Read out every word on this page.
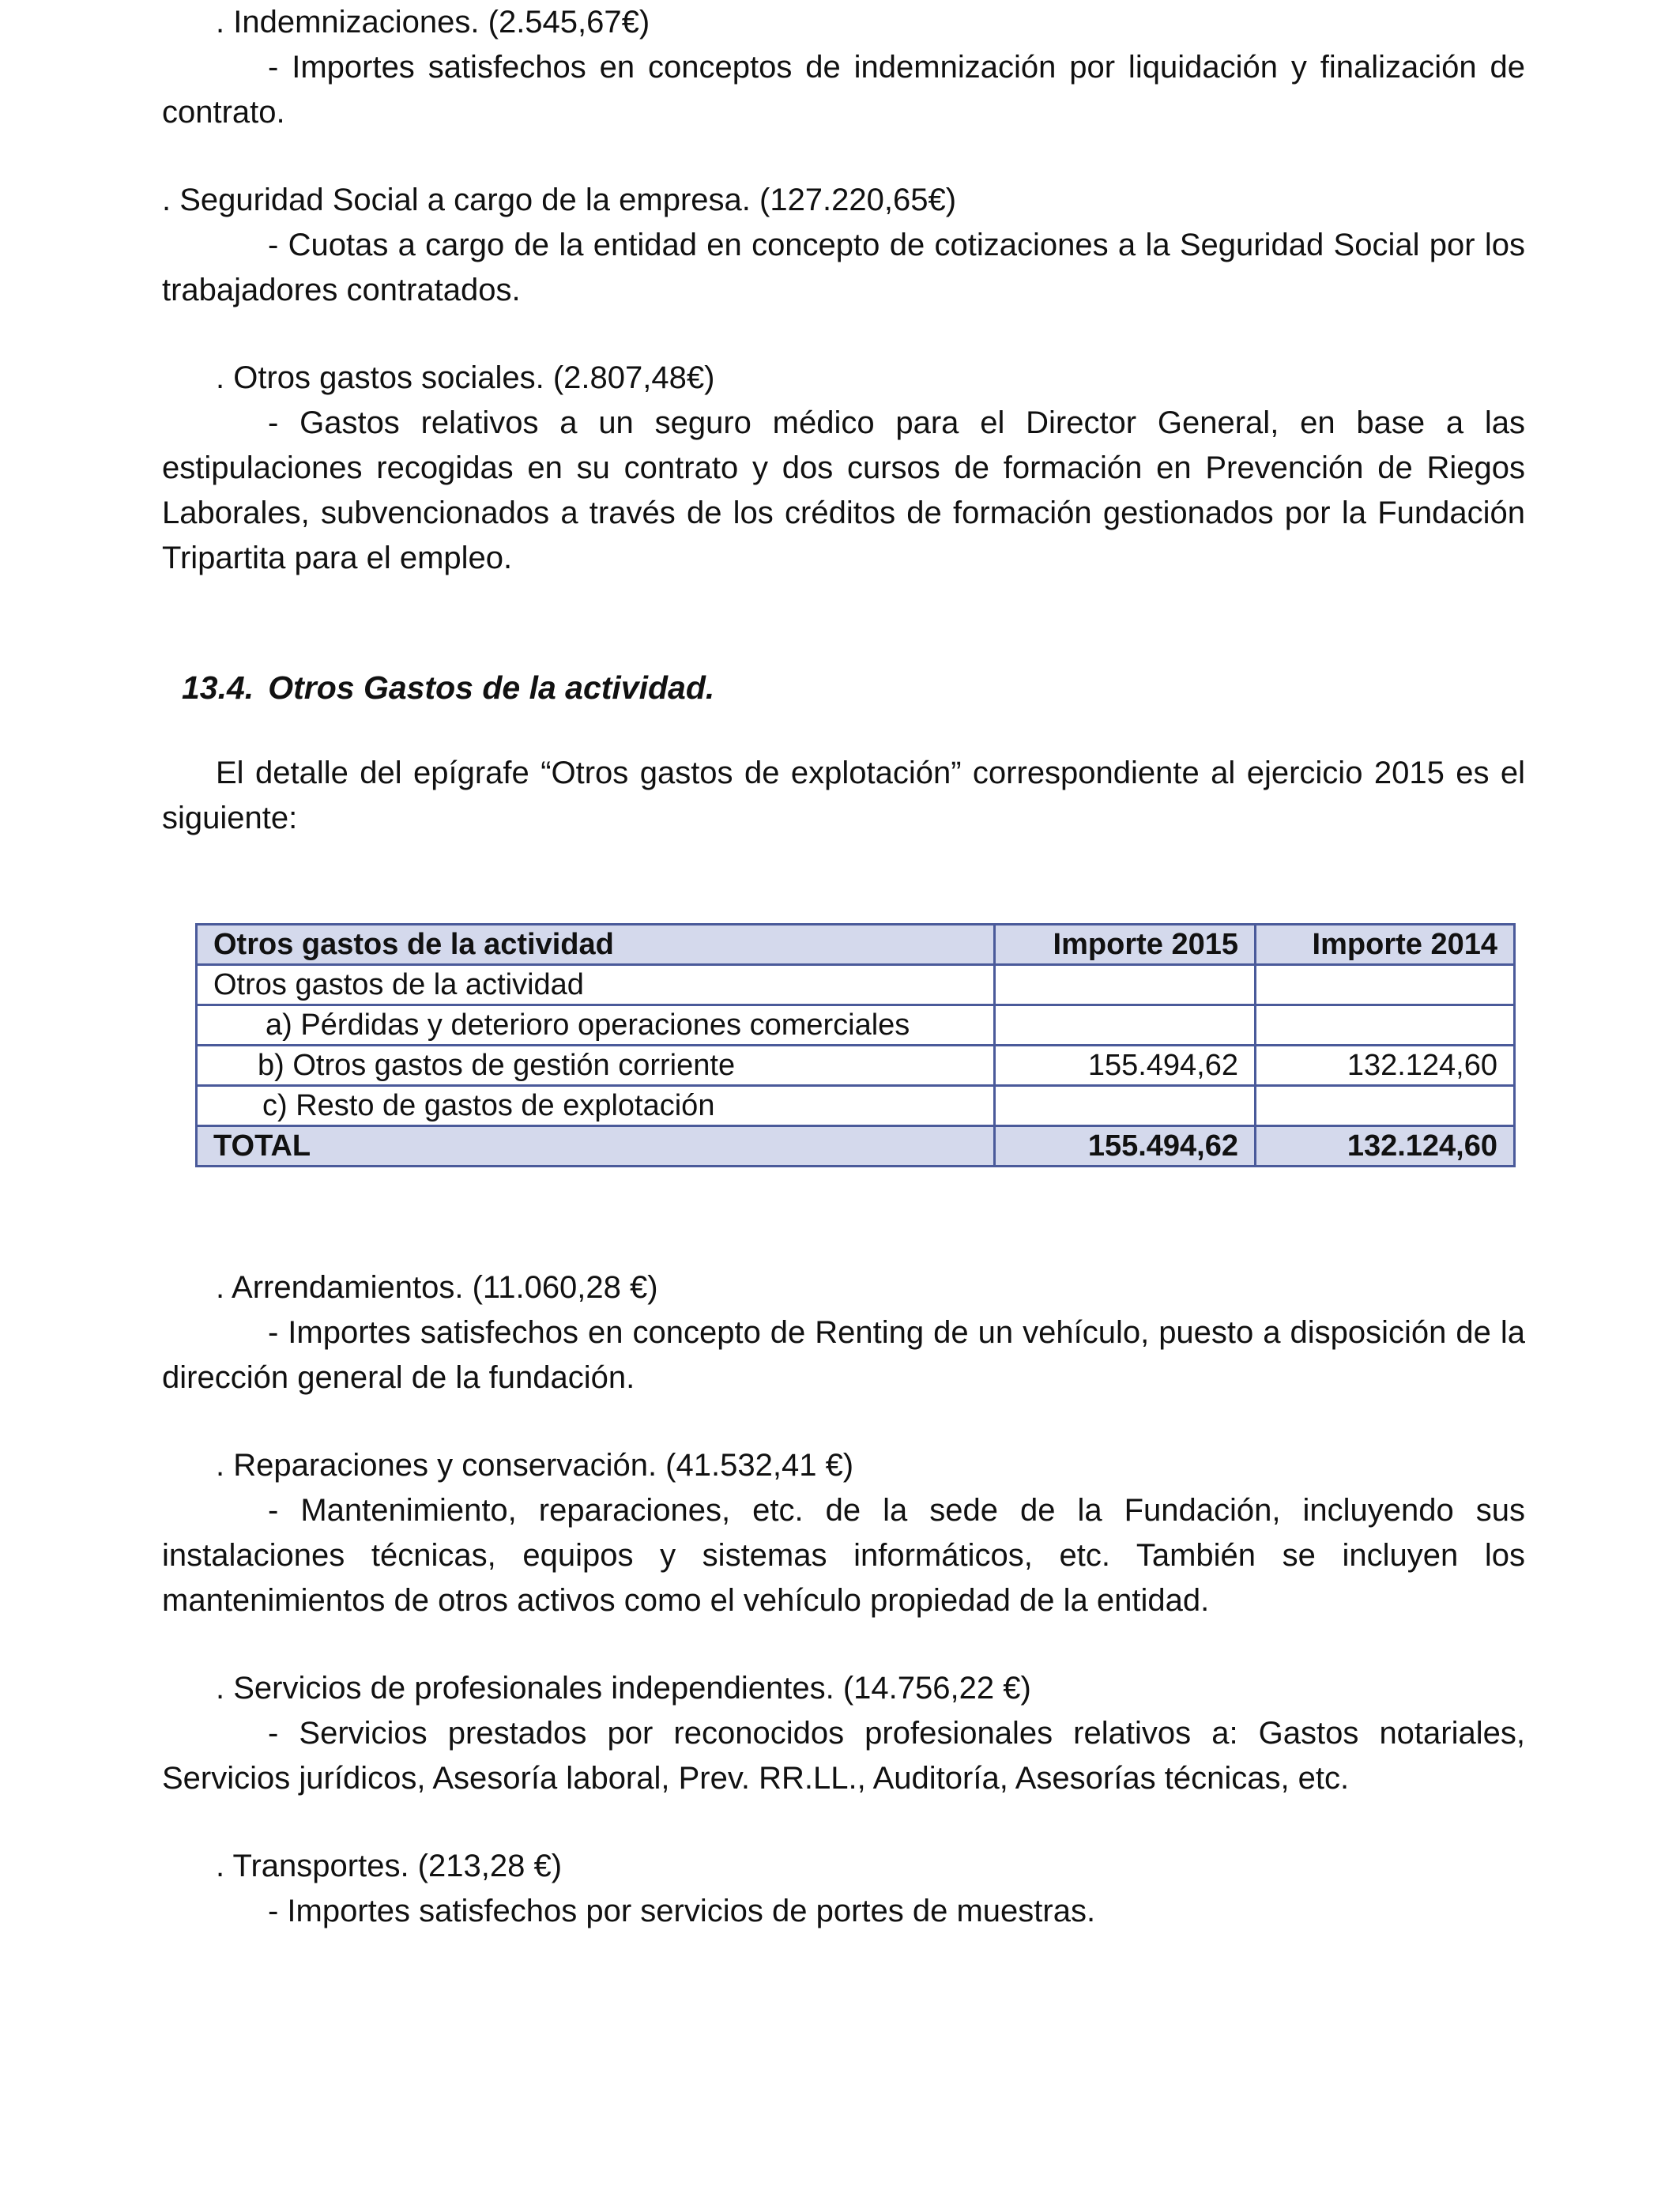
. Indemnizaciones. (2.545,67€)

- Importes satisfechos en conceptos de indemnización por liquidación y finalización de contrato.

. Seguridad Social a cargo de la empresa. (127.220,65€)

- Cuotas a cargo de la entidad en concepto de cotizaciones a la Seguridad Social por los trabajadores contratados.

. Otros gastos sociales. (2.807,48€)

- Gastos relativos a un seguro médico para el Director General, en base a las estipulaciones recogidas en su contrato y dos cursos de formación en Prevención de Riegos Laborales, subvencionados a través de los créditos de formación gestionados por la Fundación Tripartita para el empleo.

13.4. Otros Gastos de la actividad.

El detalle del epígrafe “Otros gastos de explotación” correspondiente al ejercicio 2015 es el siguiente:

Otros gastos de la actividad	Importe 2015	Importe 2014
Otros gastos de la actividad		
a) Pérdidas y deterioro operaciones comerciales		
b) Otros gastos de gestión corriente	155.494,62	132.124,60
c) Resto de gastos de explotación		
TOTAL	155.494,62	132.124,60

. Arrendamientos. (11.060,28 €)

- Importes satisfechos en concepto de Renting de un vehículo, puesto a disposición de la dirección general de la fundación.

. Reparaciones y conservación. (41.532,41 €)

- Mantenimiento, reparaciones, etc. de la sede de la Fundación, incluyendo sus instalaciones técnicas, equipos y sistemas informáticos, etc. También se incluyen los mantenimientos de otros activos como el vehículo propiedad de la entidad.

. Servicios de profesionales independientes. (14.756,22 €)

- Servicios prestados por reconocidos profesionales relativos a: Gastos notariales, Servicios jurídicos, Asesoría laboral, Prev. RR.LL., Auditoría, Asesorías técnicas, etc.

. Transportes. (213,28 €)

- Importes satisfechos por servicios de portes de muestras.
